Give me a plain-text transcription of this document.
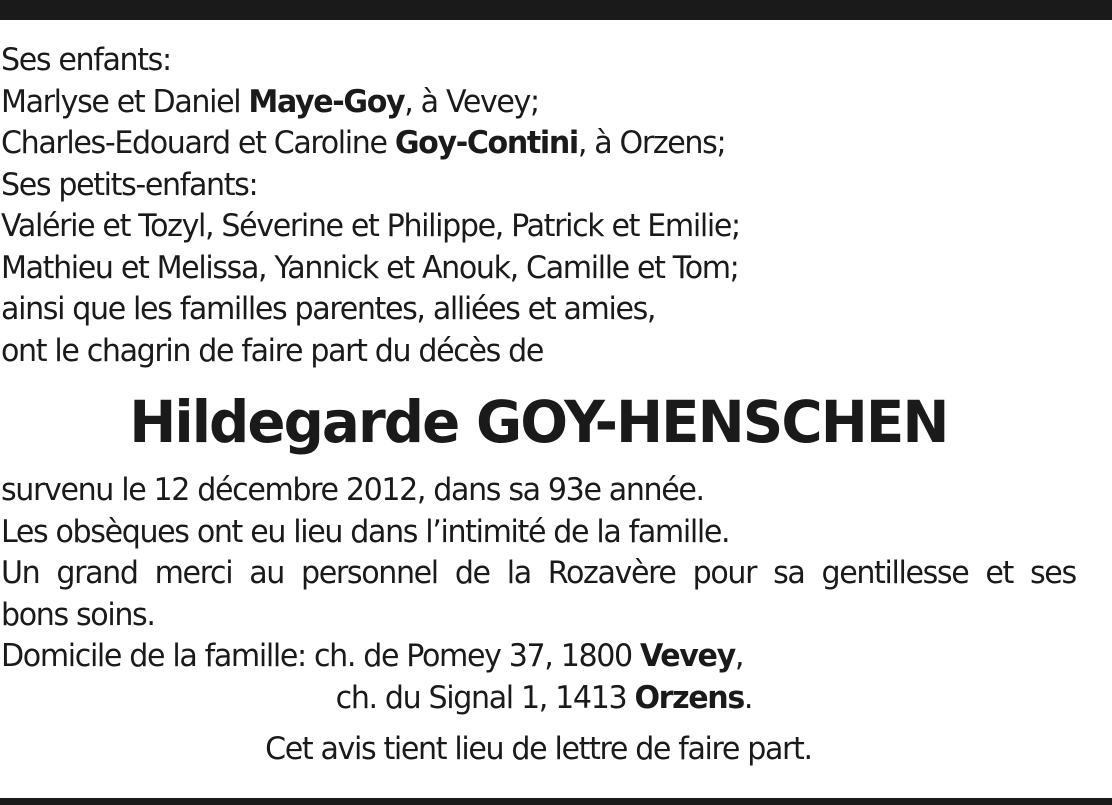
Ses enfants:
Marlyse et Daniel Maye-Goy, à Vevey;
Charles-Edouard et Caroline Goy-Contini, à Orzens;
Ses petits-enfants:
Valérie et Tozyl, Séverine et Philippe, Patrick et Emilie;
Mathieu et Melissa, Yannick et Anouk, Camille et Tom;
ainsi que les familles parentes, alliées et amies,
ont le chagrin de faire part du décès de
Hildegarde GOY-HENSCHEN
survenu le 12 décembre 2012, dans sa 93e année.
Les obsèques ont eu lieu dans l’intimité de la famille.
Un grand merci au personnel de la Rozavère pour sa gentillesse et ses
bons soins.
Domicile de la famille: ch. de Pomey 37, 1800 Vevey,
ch. du Signal 1, 1413 Orzens.
Cet avis tient lieu de lettre de faire part.
